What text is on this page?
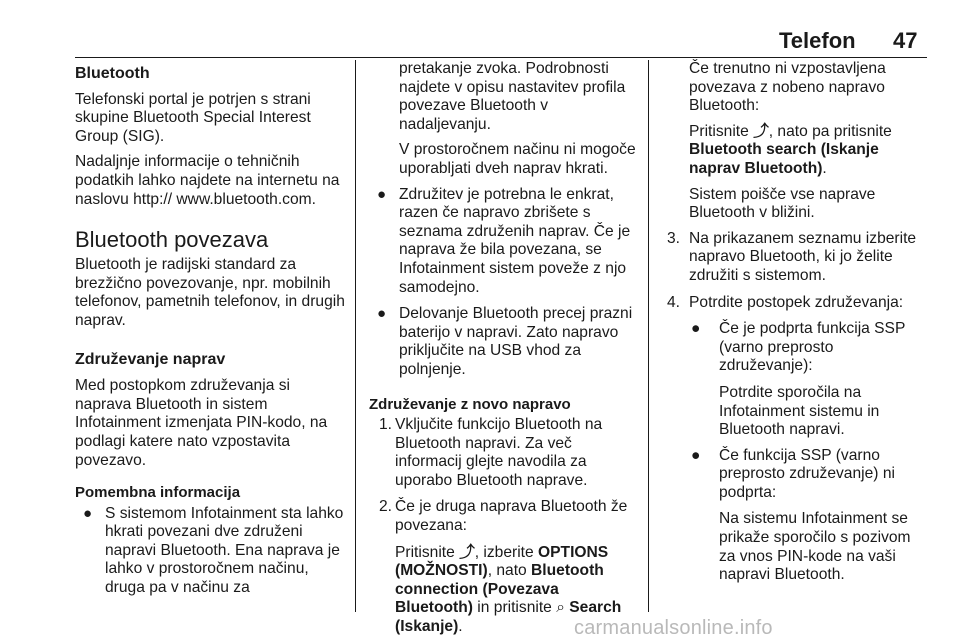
Telefon 47
Bluetooth

Telefonski portal je potrjen s strani skupine Bluetooth Special Interest Group (SIG).

Nadaljnje informacije o tehničnih podatkih lahko najdete na internetu na naslovu http:// www.bluetooth.com.

Bluetooth povezava

Bluetooth je radijski standard za brezžično povezovanje, npr. mobilnih telefonov, pametnih telefonov, in drugih naprav.

Združevanje naprav

Med postopkom združevanja si naprava Bluetooth in sistem Infotainment izmenjata PIN-kodo, na podlagi katere nato vzpostavita povezavo.

Pomembna informacija
● S sistemom Infotainment sta lahko hkrati povezani dve združeni napravi Bluetooth. Ena naprava je lahko v prostoročnem načinu, druga pa v načinu za

pretakanje zvoka. Podrobnosti najdete v opisu nastavitev profila povezave Bluetooth v nadaljevanju.

V prostoročnem načinu ni mogoče uporabljati dveh naprav hkrati.

● Združitev je potrebna le enkrat, razen če napravo zbrišete s seznama združenih naprav. Če je naprava že bila povezana, se Infotainment sistem poveže z njo samodejno.
● Delovanje Bluetooth precej prazni baterijo v napravi. Zato napravo priključite na USB vhod za polnjenje.
Združevanje z novo napravo
1. Vključite funkcijo Bluetooth na Bluetooth napravi. Za več informacij glejte navodila za uporabo Bluetooth naprave.
2. Če je druga naprava Bluetooth že povezana:

Pritisnite ⤴︎, izberite OPTIONS (MOŽNOSTI), nato Bluetooth connection (Povezava Bluetooth) in pritisnite ⌕ Search (Iskanje).

Če trenutno ni vzpostavljena povezava z nobeno napravo Bluetooth:

Pritisnite ⤴︎, nato pa pritisnite Bluetooth search (Iskanje naprav Bluetooth).

Sistem poišče vse naprave Bluetooth v bližini.

3. Na prikazanem seznamu izberite napravo Bluetooth, ki jo želite združiti s sistemom.
4. Potrdite postopek združevanja:
● Če je podprta funkcija SSP (varno preprosto združevanje):

Potrdite sporočila na Infotainment sistemu in Bluetooth napravi.

● Če funkcija SSP (varno preprosto združevanje) ni podprta:

Na sistemu Infotainment se prikaže sporočilo s pozivom za vnos PIN-kode na vaši napravi Bluetooth.

carmanualsonline.info
